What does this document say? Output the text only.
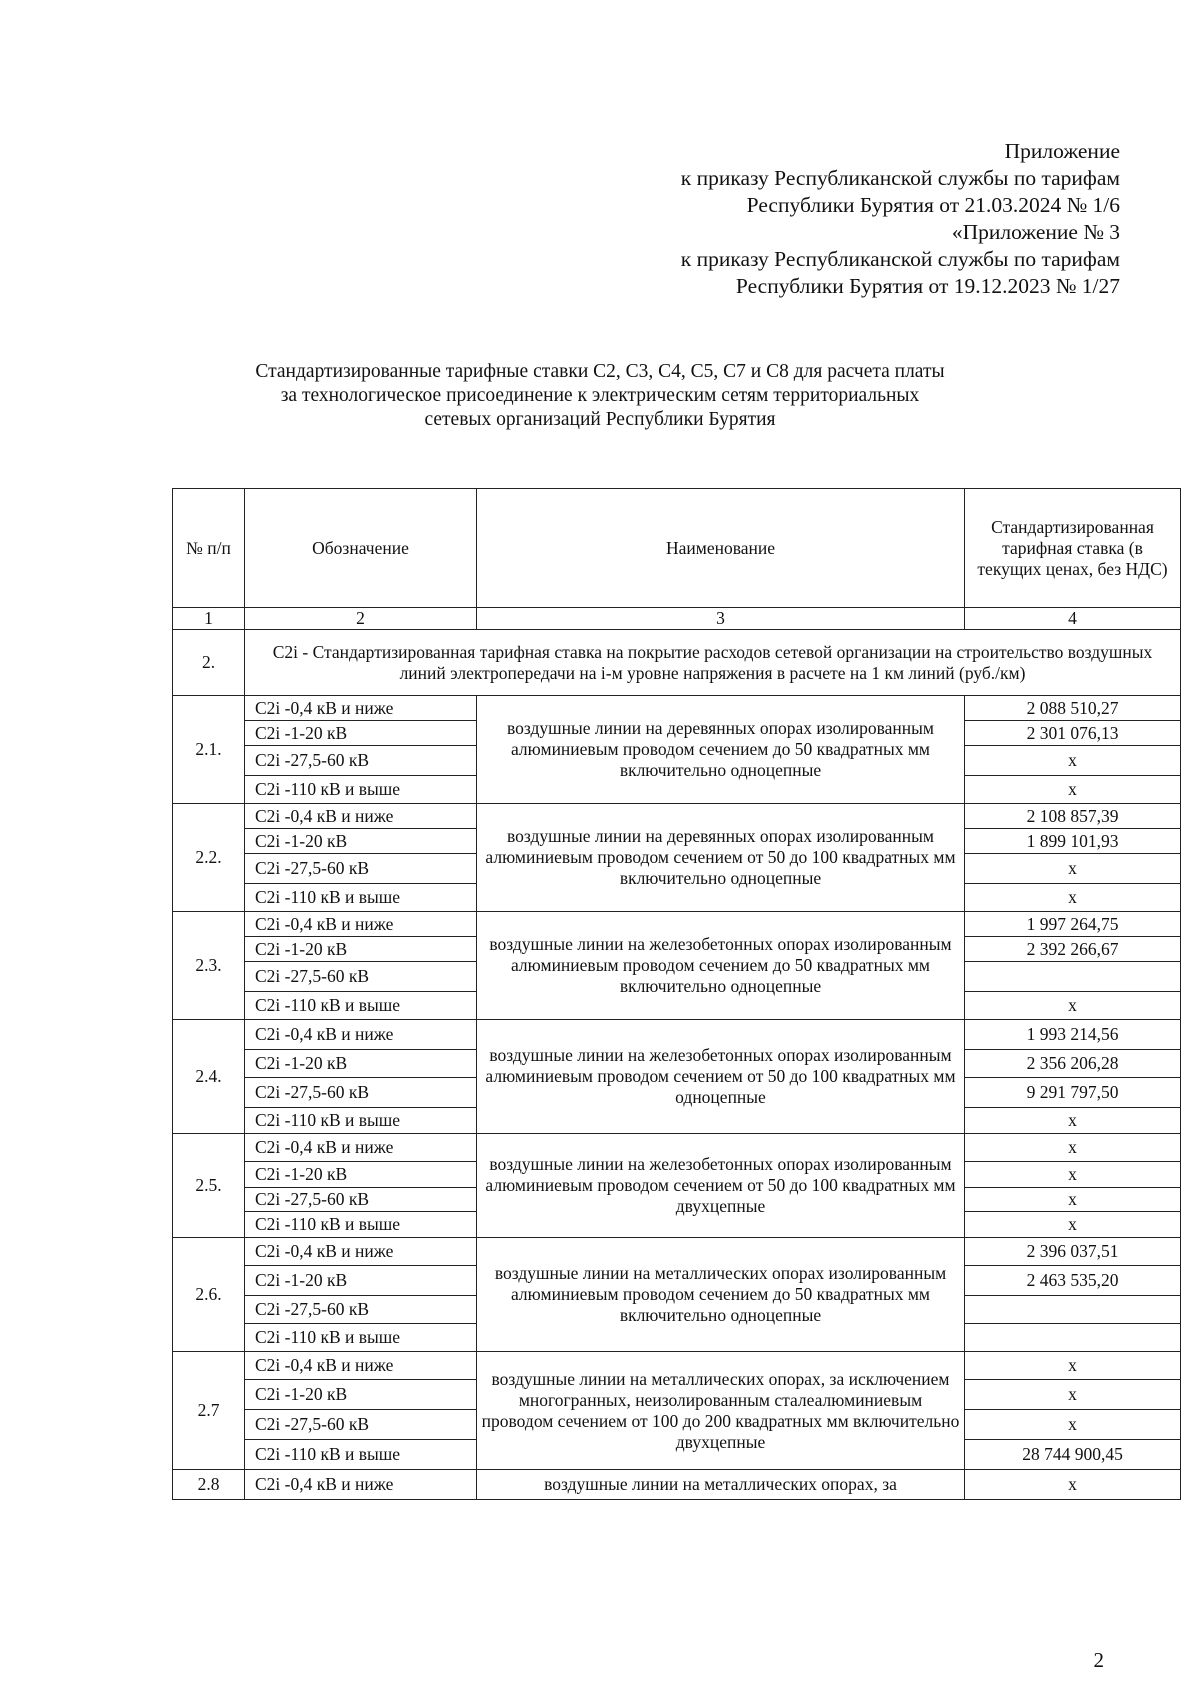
Приложение
к приказу Республиканской службы по тарифам
Республики Бурятия от 21.03.2024 № 1/6
«Приложение № 3
к приказу Республиканской службы по тарифам
Республики Бурятия от 19.12.2023 № 1/27
Стандартизированные тарифные ставки С2, С3, С4, С5, С7 и С8 для расчета платы
за технологическое присоединение к электрическим сетям территориальных
сетевых организаций Республики Бурятия
№ п/п	Обозначение	Наименование	Стандартизированная тарифная ставка (в текущих ценах, без НДС)
1	2	3	4
2.	С2i - Стандартизированная тарифная ставка на покрытие расходов сетевой организации на строительство воздушных линий электропередачи на i-м уровне напряжения в расчете на 1 км линий (руб./км)		
2.1.	С2i -0,4 кВ и ниже	воздушные линии на деревянных опорах изолированным алюминиевым проводом сечением до 50 квадратных мм включительно одноцепные	2 088 510,27
	С2i -1-20 кВ		2 301 076,13
	С2i -27,5-60 кВ		х
	С2i -110 кВ и выше		х
2.2.	С2i -0,4 кВ и ниже	воздушные линии на деревянных опорах изолированным алюминиевым проводом сечением от 50 до 100 квадратных мм включительно одноцепные	2 108 857,39
	С2i -1-20 кВ		1 899 101,93
	С2i -27,5-60 кВ		х
	С2i -110 кВ и выше		х
2.3.	С2i -0,4 кВ и ниже	воздушные линии на железобетонных опорах изолированным алюминиевым проводом сечением до 50 квадратных мм включительно одноцепные	1 997 264,75
	С2i -1-20 кВ		2 392 266,67
	С2i -27,5-60 кВ		
	С2i -110 кВ и выше		х
2.4.	С2i -0,4 кВ и ниже	воздушные линии на железобетонных опорах изолированным алюминиевым проводом сечением от 50 до 100 квадратных мм одноцепные	1 993 214,56
	С2i -1-20 кВ		2 356 206,28
	С2i -27,5-60 кВ		9 291 797,50
	С2i -110 кВ и выше		х
2.5.	С2i -0,4 кВ и ниже	воздушные линии на железобетонных опорах изолированным алюминиевым проводом сечением от 50 до 100 квадратных мм двухцепные	х
	С2i -1-20 кВ		х
	С2i -27,5-60 кВ		х
	С2i -110 кВ и выше		х
2.6.	С2i -0,4 кВ и ниже	воздушные линии на металлических опорах изолированным алюминиевым проводом сечением до 50 квадратных мм включительно одноцепные	2 396 037,51
	С2i -1-20 кВ		2 463 535,20
	С2i -27,5-60 кВ		
	С2i -110 кВ и выше		
2.7	С2i -0,4 кВ и ниже	воздушные линии на металлических опорах, за исключением многогранных, неизолированным сталеалюминиевым проводом сечением от 100 до 200 квадратных мм включительно двухцепные	х
	С2i -1-20 кВ		х
	С2i -27,5-60 кВ		х
	С2i -110 кВ и выше		28 744 900,45
2.8	С2i -0,4 кВ и ниже	воздушные линии на металлических опорах, за	х
2
